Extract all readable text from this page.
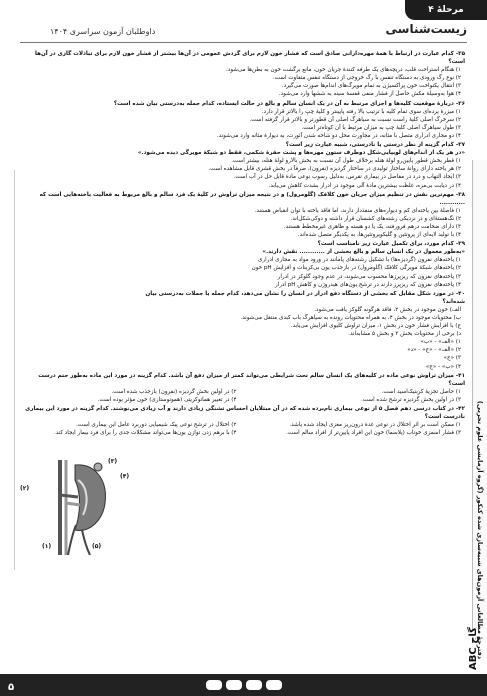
مرحلهٔ ۴
زیست‌شناسی
داوطلبان آزمون سراسری ۱۴۰۴
دفترچهٔ مطالعاتی آزمون‌های شبیه‌سازی شده کنکور (گروه آزمایشی علوم تجربی)
۳۵- کدام عبارت در ارتباط با همهٔ مهره‌دارانی صادق است که فشار خون لازم برای گردش عمومی در آن‌ها بیشتر از فشار خون لازم برای تبادلات گازی در آن‌ها است؟
۱) هنگام استراحت قلب، دریچه‌های یک طرفه کنندهٔ جریان خون، مانع برگشت خون به بطن‌ها می‌شود.
۲) نوع رگ ورودی به دستگاه تنفس با رگ خروجی از دستگاه تنفس متفاوت است.
۳) انتقال یکنواخت خون پراکسیژن به تمام مویرگ‌های اندام‌ها صورت می‌گیرد.
۴) هوا به‌وسیلهٔ مکش حاصل از فشار منفی قفسهٔ سینه به ششها وارد می‌شود.
۳۶- دربارهٔ موقعیت کلیه‌ها و اجزای مرتبط به آن در یک انسان سالم و بالغ در حالت ایستاده، کدام جمله به‌درستی بیان شده است؟
۱) میزرهٔ پرده‌ای سوی تمام کلیه با ترتیب بالا رفته پایینتر و کلیهٔ چپ را بالاتر قرار دارد.
۲) سرخرگ اصلی کلیهٔ راست نسبت به سیاهرگ اصلی آن قطورتر و بالاتر قرار گرفته است.
۳) طول سیاهرگ اصلی کلیهٔ چپ به میزان مرتبط با آن کوتاه‌تر است.
۴) دو مجاری ادراری متصل با مثانه، در مجاورت محل دو شاخه شدن آئورت، به دیوارهٔ مثانه وارد می‌شوند.
۳۷- کدام گزینه از نظر درستی یا نادرستی، شبیه عبارت زیر است؟
«در هر یک از اندام‌های لوبیایی‌شکل دوطرف ستون مهره‌ها و پشت حفرهٔ شکمی، فقط دو شبکهٔ مویرگی دیده می‌شود.»
۱) قطر بخش قطور پایین‌رو لولهٔ هنله برخلاف طول آن نسبت به بخش بالارو لولهٔ هنله، بیشتر است.
۲) هر یاخته دارای روانهٔ ساختار تولیدی در ساختار گردیزه (نفرون)، صرفاً در بخش قشری قابل مشاهده است.
۳) ایجاد التهاب و درد در مفاصل در بیماری نقرس، به‌دلیل رسوب نوعی مادهٔ قابل حل در آب است.
۴) در دیابت بی‌مزه، غلظت بیشترین مادهٔ آلی موجود در ادرار بشدت کاهش می‌یابد.
۳۸- مهم‌ترین نقش در تنظیم میزان جریان خون کلافک (گلومرول) و در نتیجه میزان تراوش در کلیهٔ یک فرد سالم و بالغ مربوط به فعالیت یاخته‌هایی است که ............
۱) فاصلهٔ بین یاخته‌ای کم و دیواره‌های منفذدار دارند، اما فاقد یاخته با توان انقباض هستند.
۲) نگ‌هستهٔ‌ای و در نزدیکی رشته‌های کشسان قرار داشته و دوکی‌شکل‌اند.
۳) دارای ضخامت درهم فرورفته، یک یا دو هسته و ظاهری غیرمخطط هستند.
۴) با تولید لایه‌ای از پروتئین و گلیکوپروتئین‌ها، به یکدیگر متصل شده‌اند.
۳۹- کدام مورد، برای تکمیل عبارت زیر نامناسب است؟
«به‌طور معمول در یک انسان سالم و بالغ بخشی از ............ نقش دارند.»
۱) یاخته‌های نفرون (گردیزه‌ها) با تشکیل رشته‌های پامانند در ورود مواد به مجاری ادراری
۲) یاخته‌های شبکهٔ مویرگی کلافک (گلومرول) در بازجذب یون بی‌کربنات و افزایش pH خون
۳) یاخته‌های نفرون که ریزپرزها محسوب می‌شوند، در عدم وجود گلوکز در ادرار
۴) یاخته‌های نفرون که ریزپرز دارند در ترشح یون‌های هیدروژن و کاهش pH ادرار
۴۰- در مورد شکل مقابل که بخشی از دستگاه دفع ادرار در انسان را نشان می‌دهد، کدام جمله یا جملات به‌درستی بیان شده‌اند؟
الف) خون موجود در بخش ۲، فاقد هرگونه گلوکز یافت می‌شود.
ب) محتویات موجود در بخش ۴، به همراه محتویات رونده به سیاهرگ باب کبدی منتقل می‌شوند.
ج) با افزایش فشار خون در بخش ۱، میزان تراوش کلیوی افزایش می‌یابد.
د) برخی از محتویات بخش ۳ و بخش ۵ مشابه‌اند.
۱) «الف» - «ب»
۲) «الف» - «ج» - «د»
۳) «ج»
۴) «ب» - «ج»
۴۱- میزان تراوش نوعی ماده در کلیه‌های یک انسان سالم تحت شرایطی می‌تواند کمتر از میزان دفع آن باشد. کدام گزینه در مورد این ماده به‌طور حتم درست است؟
۱) حاصل تجزیهٔ کربنیک‌اسید است.
۲) در اولین بخش گردیزه (نفرون) بازجذب شده است.
۳) در اولین بخش گردیزه ترشح شده است.
۴) در تغییر هماتوکریتی (هموتوستازی) خون مؤثر بوده است.
۴۲- در کتاب درسی دهم فصل ۵ از نوعی بیماری نام‌برده شده که در آن مبتلایان احساس تشنگی زیادی دارند و آب زیادی می‌نوشند. کدام گزینه در مورد این بیماری نادرست است؟
۱) ممکن است بر اثر اختلال در نوعی غدهٔ درون‌ریز مغزی ایجاد شده باشد.
۲) اختلال در ترشح نوعی پیک شیمیایی دوربرد عامل این بیماری است.
۳) فشار اسمزی خوناب (پلاسما) خون این افراد پایین‌تر از افراد سالم است.
۴) با برهم زدن توازن یون‌ها می‌تواند مشکلات جدی را برای فرد بیمار ایجاد کند.
(۳)
(۴)
(۲)
(۱)	(۵)
ABC گاج
۵
